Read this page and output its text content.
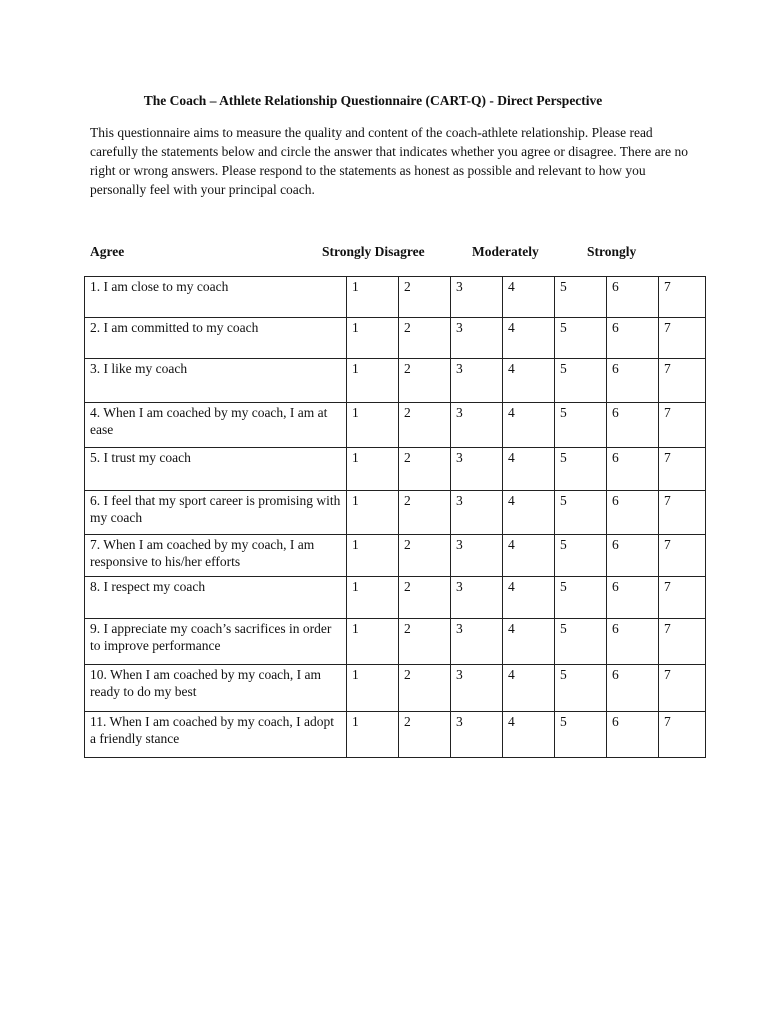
The Coach – Athlete Relationship Questionnaire (CART-Q) - Direct Perspective
This questionnaire aims to measure the quality and content of the coach-athlete relationship. Please read carefully the statements below and circle the answer that indicates whether you agree or disagree. There are no right or wrong answers. Please respond to the statements as honest as possible and relevant to how you personally feel with your principal coach.
Agree	Strongly Disagree	Moderately	Strongly
1. I am close to my coach	1	2	3	4	5	6	7
2. I am committed to my coach	1	2	3	4	5	6	7
3. I like my coach	1	2	3	4	5	6	7
4. When I am coached by my coach, I am at ease	1	2	3	4	5	6	7
5. I trust my coach	1	2	3	4	5	6	7
6. I feel that my sport career is promising with my coach	1	2	3	4	5	6	7
7. When I am coached by my coach, I am responsive to his/her efforts	1	2	3	4	5	6	7
8. I respect my coach	1	2	3	4	5	6	7
9. I appreciate my coach’s sacrifices in order to improve performance	1	2	3	4	5	6	7
10. When I am coached by my coach, I am ready to do my best	1	2	3	4	5	6	7
11. When I am coached by my coach, I adopt a friendly stance	1	2	3	4	5	6	7
